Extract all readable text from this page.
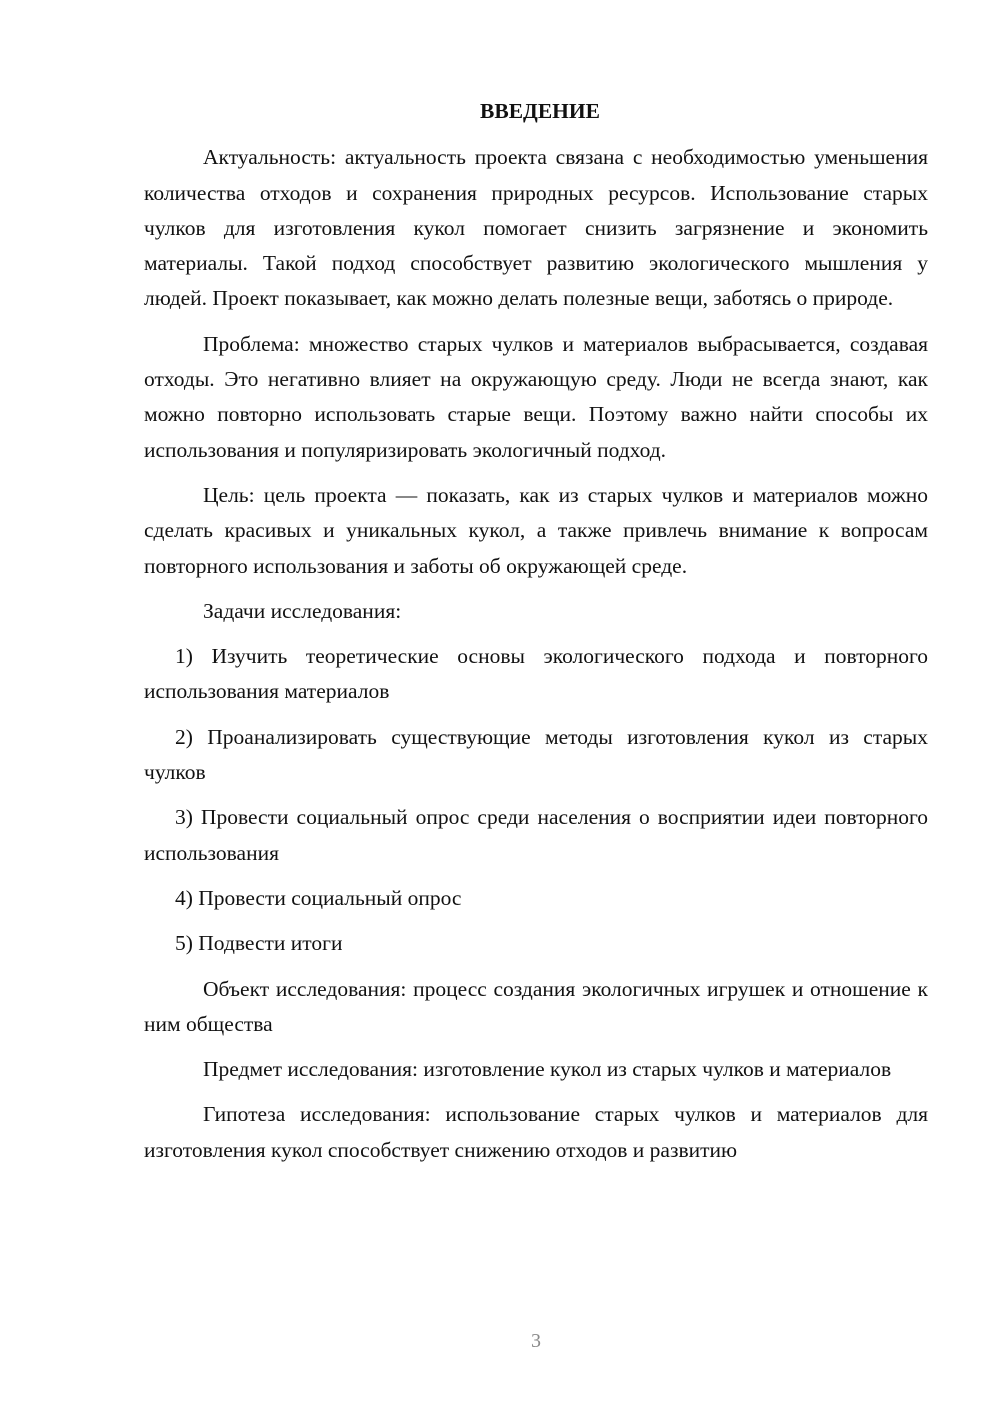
ВВЕДЕНИЕ

Актуальность: актуальность проекта связана с необходимостью уменьшения количества отходов и сохранения природных ресурсов. Использование старых чулков для изготовления кукол помогает снизить загрязнение и экономить материалы. Такой подход способствует развитию экологического мышления у людей. Проект показывает, как можно делать полезные вещи, заботясь о природе.

Проблема: множество старых чулков и материалов выбрасывается, создавая отходы. Это негативно влияет на окружающую среду. Люди не всегда знают, как можно повторно использовать старые вещи. Поэтому важно найти способы их использования и популяризировать экологичный подход.

Цель: цель проекта — показать, как из старых чулков и материалов можно сделать красивых и уникальных кукол, а также привлечь внимание к вопросам повторного использования и заботы об окружающей среде.

Задачи исследования:

1) Изучить теоретические основы экологического подхода и повторного использования материалов

2) Проанализировать существующие методы изготовления кукол из старых чулков

3) Провести социальный опрос среди населения о восприятии идеи повторного использования

4) Провести социальный опрос

5) Подвести итоги

Объект исследования: процесс создания экологичных игрушек и отношение к ним общества

Предмет исследования: изготовление кукол из старых чулков и материалов

Гипотеза исследования: использование старых чулков и материалов для изготовления кукол способствует снижению отходов и развитию

3
